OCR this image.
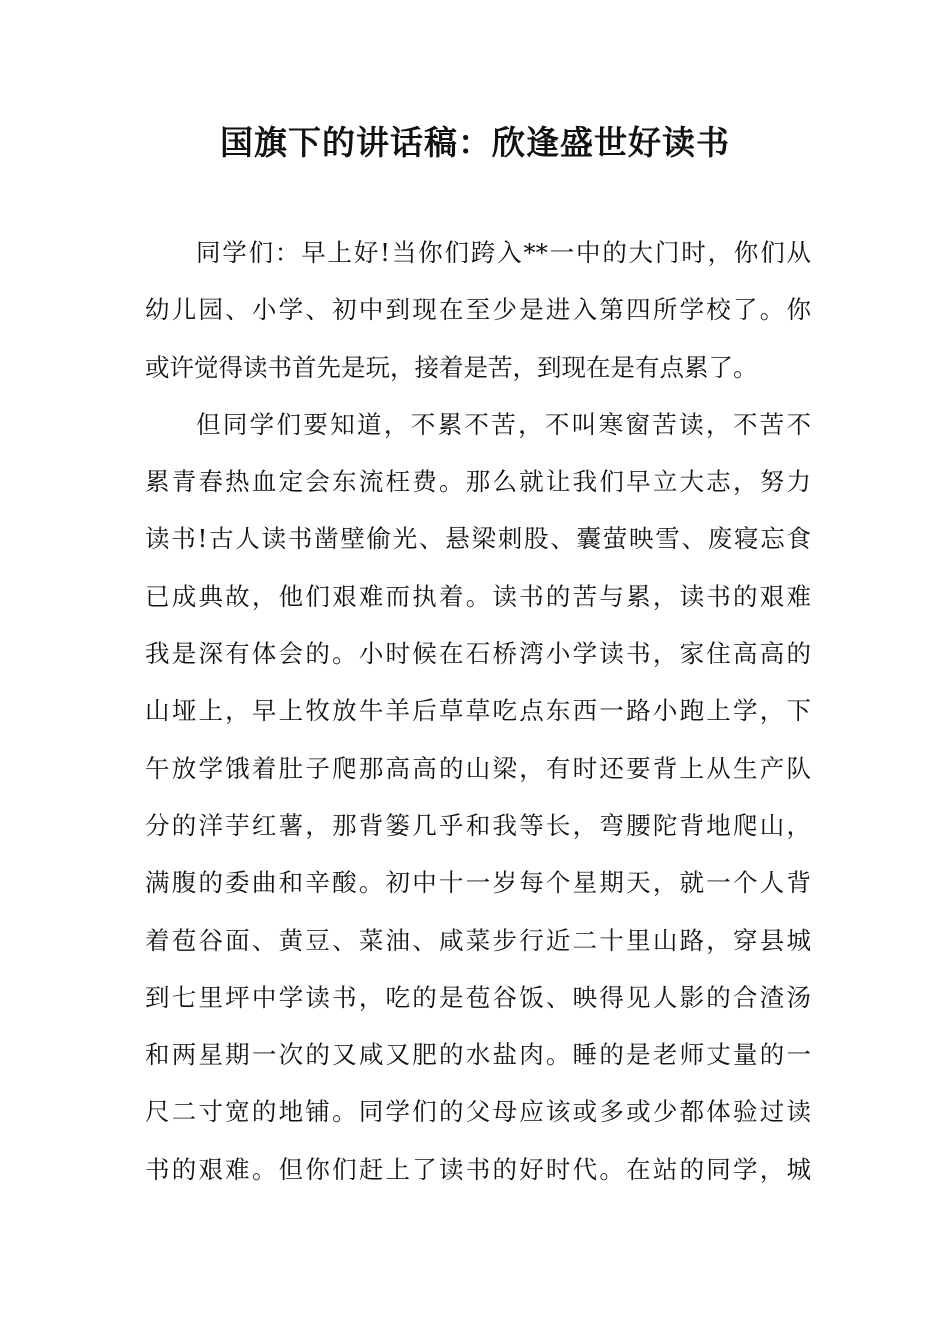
国旗下的讲话稿：欣逢盛世好读书
同学们：早上好!当你们跨入**一中的大门时，你们从
幼儿园、小学、初中到现在至少是进入第四所学校了。你
或许觉得读书首先是玩，接着是苦，到现在是有点累了。
但同学们要知道，不累不苦，不叫寒窗苦读，不苦不
累青春热血定会东流枉费。那么就让我们早立大志，努力
读书!古人读书凿壁偷光、悬梁刺股、囊萤映雪、废寝忘食
已成典故，他们艰难而执着。读书的苦与累，读书的艰难
我是深有体会的。小时候在石桥湾小学读书，家住高高的
山垭上，早上牧放牛羊后草草吃点东西一路小跑上学，下
午放学饿着肚子爬那高高的山梁，有时还要背上从生产队
分的洋芋红薯，那背篓几乎和我等长，弯腰陀背地爬山，
满腹的委曲和辛酸。初中十一岁每个星期天，就一个人背
着苞谷面、黄豆、菜油、咸菜步行近二十里山路，穿县城
到七里坪中学读书，吃的是苞谷饭、映得见人影的合渣汤
和两星期一次的又咸又肥的水盐肉。睡的是老师丈量的一
尺二寸宽的地铺。同学们的父母应该或多或少都体验过读
书的艰难。但你们赶上了读书的好时代。在站的同学，城
